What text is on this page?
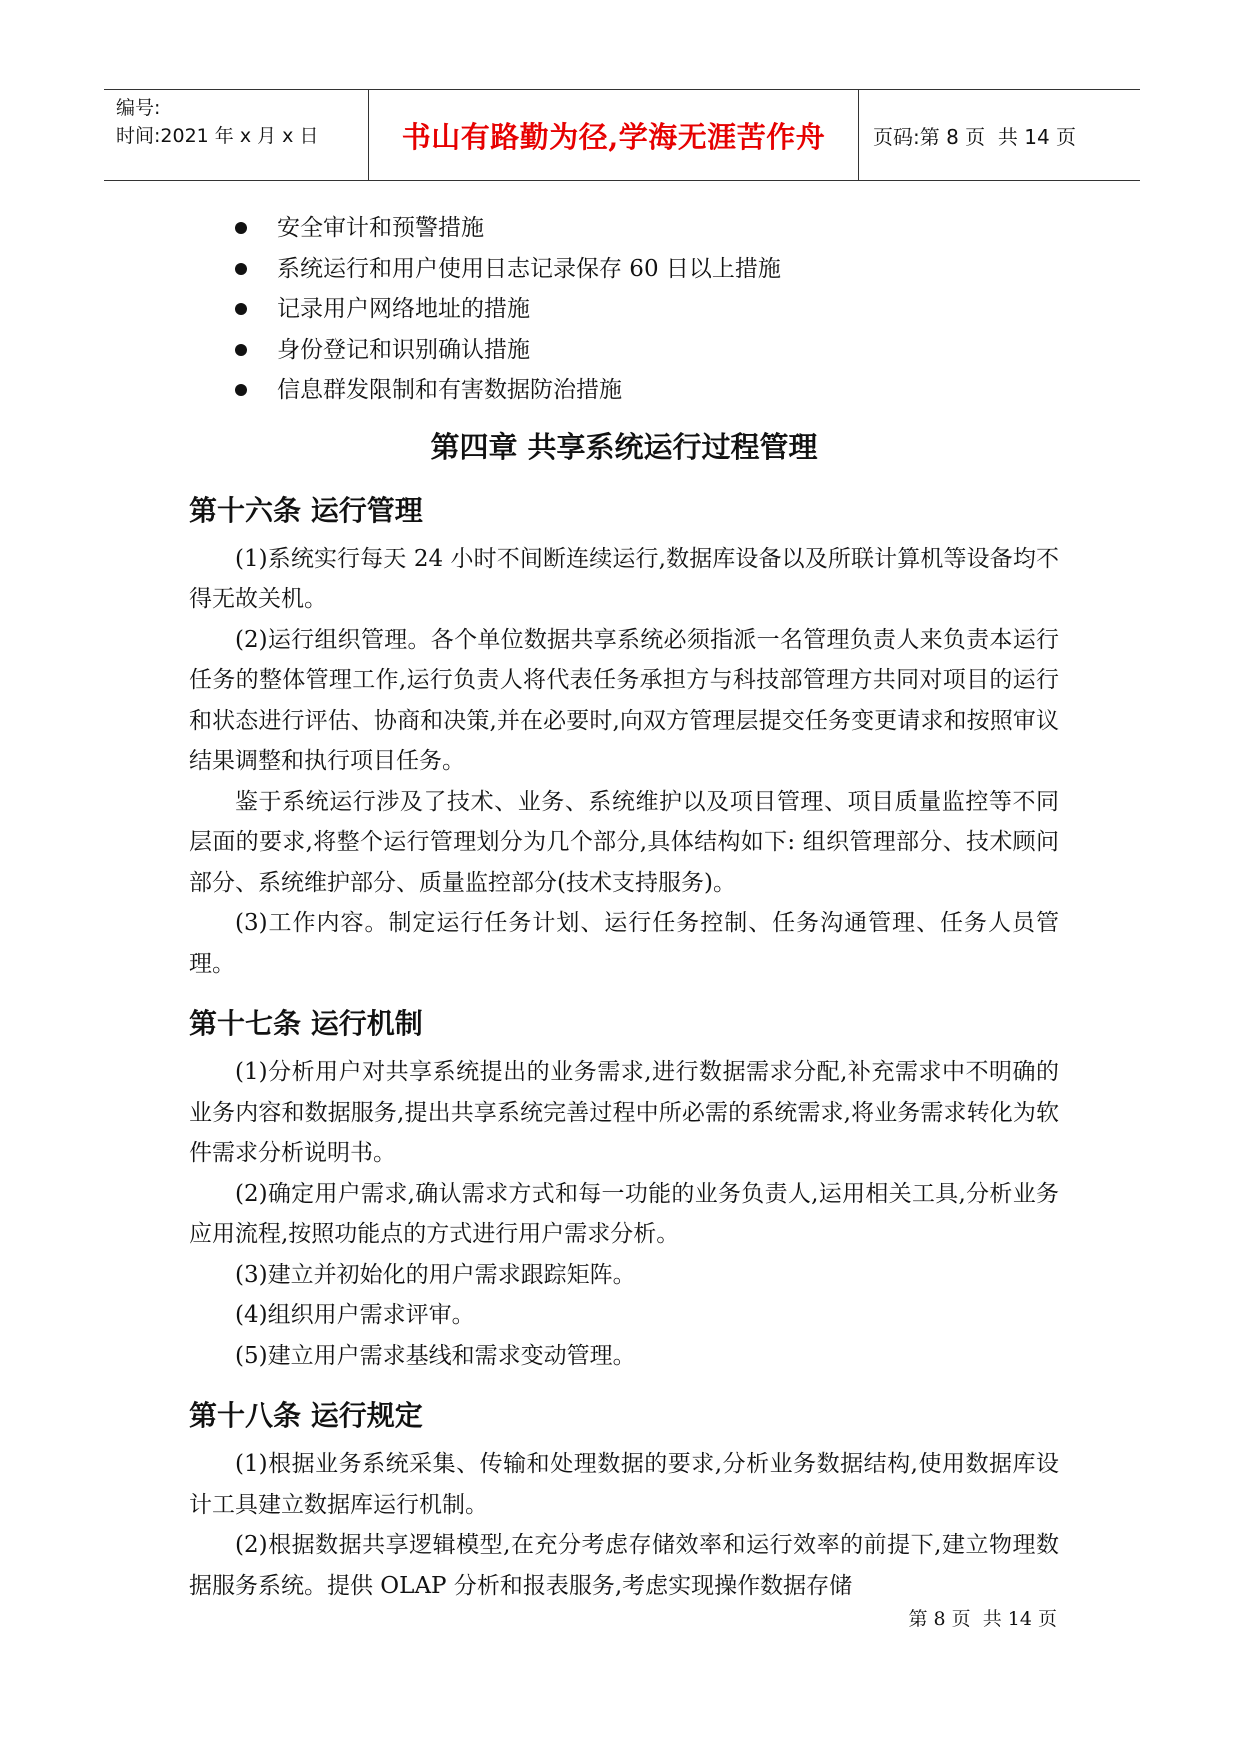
编号:
时间:2021 年 x 月 x 日	书山有路勤为径,学海无涯苦作舟	页码:第 8 页  共 14 页
安全审计和预警措施
系统运行和用户使用日志记录保存 60 日以上措施
记录用户网络地址的措施
身份登记和识别确认措施
信息群发限制和有害数据防治措施
第四章 共享系统运行过程管理
第十六条 运行管理

(1)系统实行每天 24 小时不间断连续运行,数据库设备以及所联计算机等设备均不得无故关机。

(2)运行组织管理。各个单位数据共享系统必须指派一名管理负责人来负责本运行任务的整体管理工作,运行负责人将代表任务承担方与科技部管理方共同对项目的运行和状态进行评估、协商和决策,并在必要时,向双方管理层提交任务变更请求和按照审议结果调整和执行项目任务。

鉴于系统运行涉及了技术、业务、系统维护以及项目管理、项目质量监控等不同层面的要求,将整个运行管理划分为几个部分,具体结构如下: 组织管理部分、技术顾问部分、系统维护部分、质量监控部分(技术支持服务)。

(3)工作内容。制定运行任务计划、运行任务控制、任务沟通管理、任务人员管理。

第十七条 运行机制

(1)分析用户对共享系统提出的业务需求,进行数据需求分配,补充需求中不明确的业务内容和数据服务,提出共享系统完善过程中所必需的系统需求,将业务需求转化为软件需求分析说明书。

(2)确定用户需求,确认需求方式和每一功能的业务负责人,运用相关工具,分析业务应用流程,按照功能点的方式进行用户需求分析。

(3)建立并初始化的用户需求跟踪矩阵。

(4)组织用户需求评审。

(5)建立用户需求基线和需求变动管理。

第十八条 运行规定

(1)根据业务系统采集、传输和处理数据的要求,分析业务数据结构,使用数据库设计工具建立数据库运行机制。

(2)根据数据共享逻辑模型,在充分考虑存储效率和运行效率的前提下,建立物理数据服务系统。提供 OLAP 分析和报表服务,考虑实现操作数据存储

第 8 页  共 14 页
